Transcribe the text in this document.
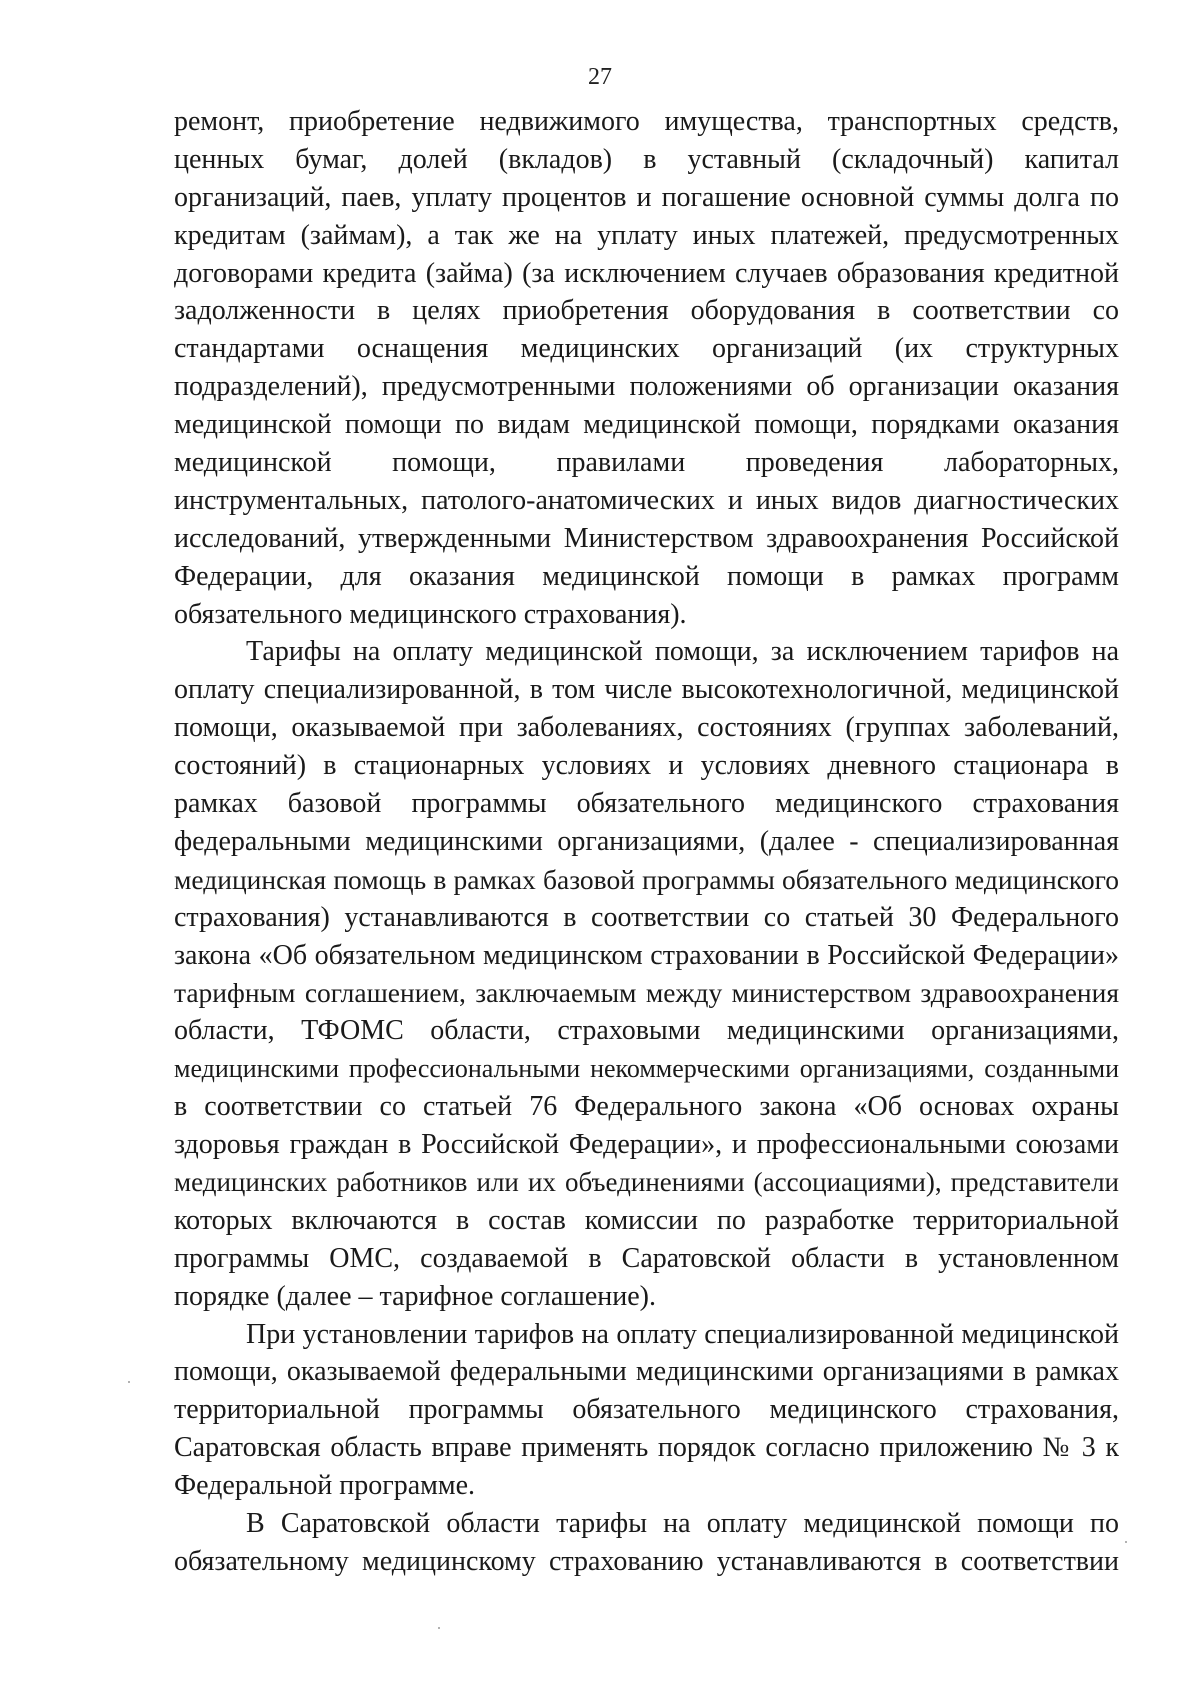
27
ремонт, приобретение недвижимого имущества, транспортных средств,
ценных бумаг, долей (вкладов) в уставный (складочный) капитал
организаций, паев, уплату процентов и погашение основной суммы долга по
кредитам (займам), а так же на уплату иных платежей, предусмотренных
договорами кредита (займа) (за исключением случаев образования кредитной
задолженности в целях приобретения оборудования в соответствии со
стандартами оснащения медицинских организаций (их структурных
подразделений), предусмотренными положениями об организации оказания
медицинской помощи по видам медицинской помощи, порядками оказания
медицинской помощи, правилами проведения лабораторных,
инструментальных, патолого-анатомических и иных видов диагностических
исследований, утвержденными Министерством здравоохранения Российской
Федерации, для оказания медицинской помощи в рамках программ
обязательного медицинского страхования).
Тарифы на оплату медицинской помощи, за исключением тарифов на
оплату специализированной, в том числе высокотехнологичной, медицинской
помощи, оказываемой при заболеваниях, состояниях (группах заболеваний,
состояний) в стационарных условиях и условиях дневного стационара в
рамках базовой программы обязательного медицинского страхования
федеральными медицинскими организациями, (далее - специализированная
медицинская помощь в рамках базовой программы обязательного медицинского
страхования) устанавливаются в соответствии со статьей 30 Федерального
закона «Об обязательном медицинском страховании в Российской Федерации»
тарифным соглашением, заключаемым между министерством здравоохранения
области, ТФОМС области, страховыми медицинскими организациями,
медицинскими профессиональными некоммерческими организациями, созданными
в соответствии со статьей 76 Федерального закона «Об основах охраны
здоровья граждан в Российской Федерации», и профессиональными союзами
медицинских работников или их объединениями (ассоциациями), представители
которых включаются в состав комиссии по разработке территориальной
программы ОМС, создаваемой в Саратовской области в установленном
порядке (далее – тарифное соглашение).
При установлении тарифов на оплату специализированной медицинской
помощи, оказываемой федеральными медицинскими организациями в рамках
территориальной программы обязательного медицинского страхования,
Саратовская область вправе применять порядок согласно приложению № 3 к
Федеральной программе.
В Саратовской области тарифы на оплату медицинской помощи по
обязательному медицинскому страхованию устанавливаются в соответствии
